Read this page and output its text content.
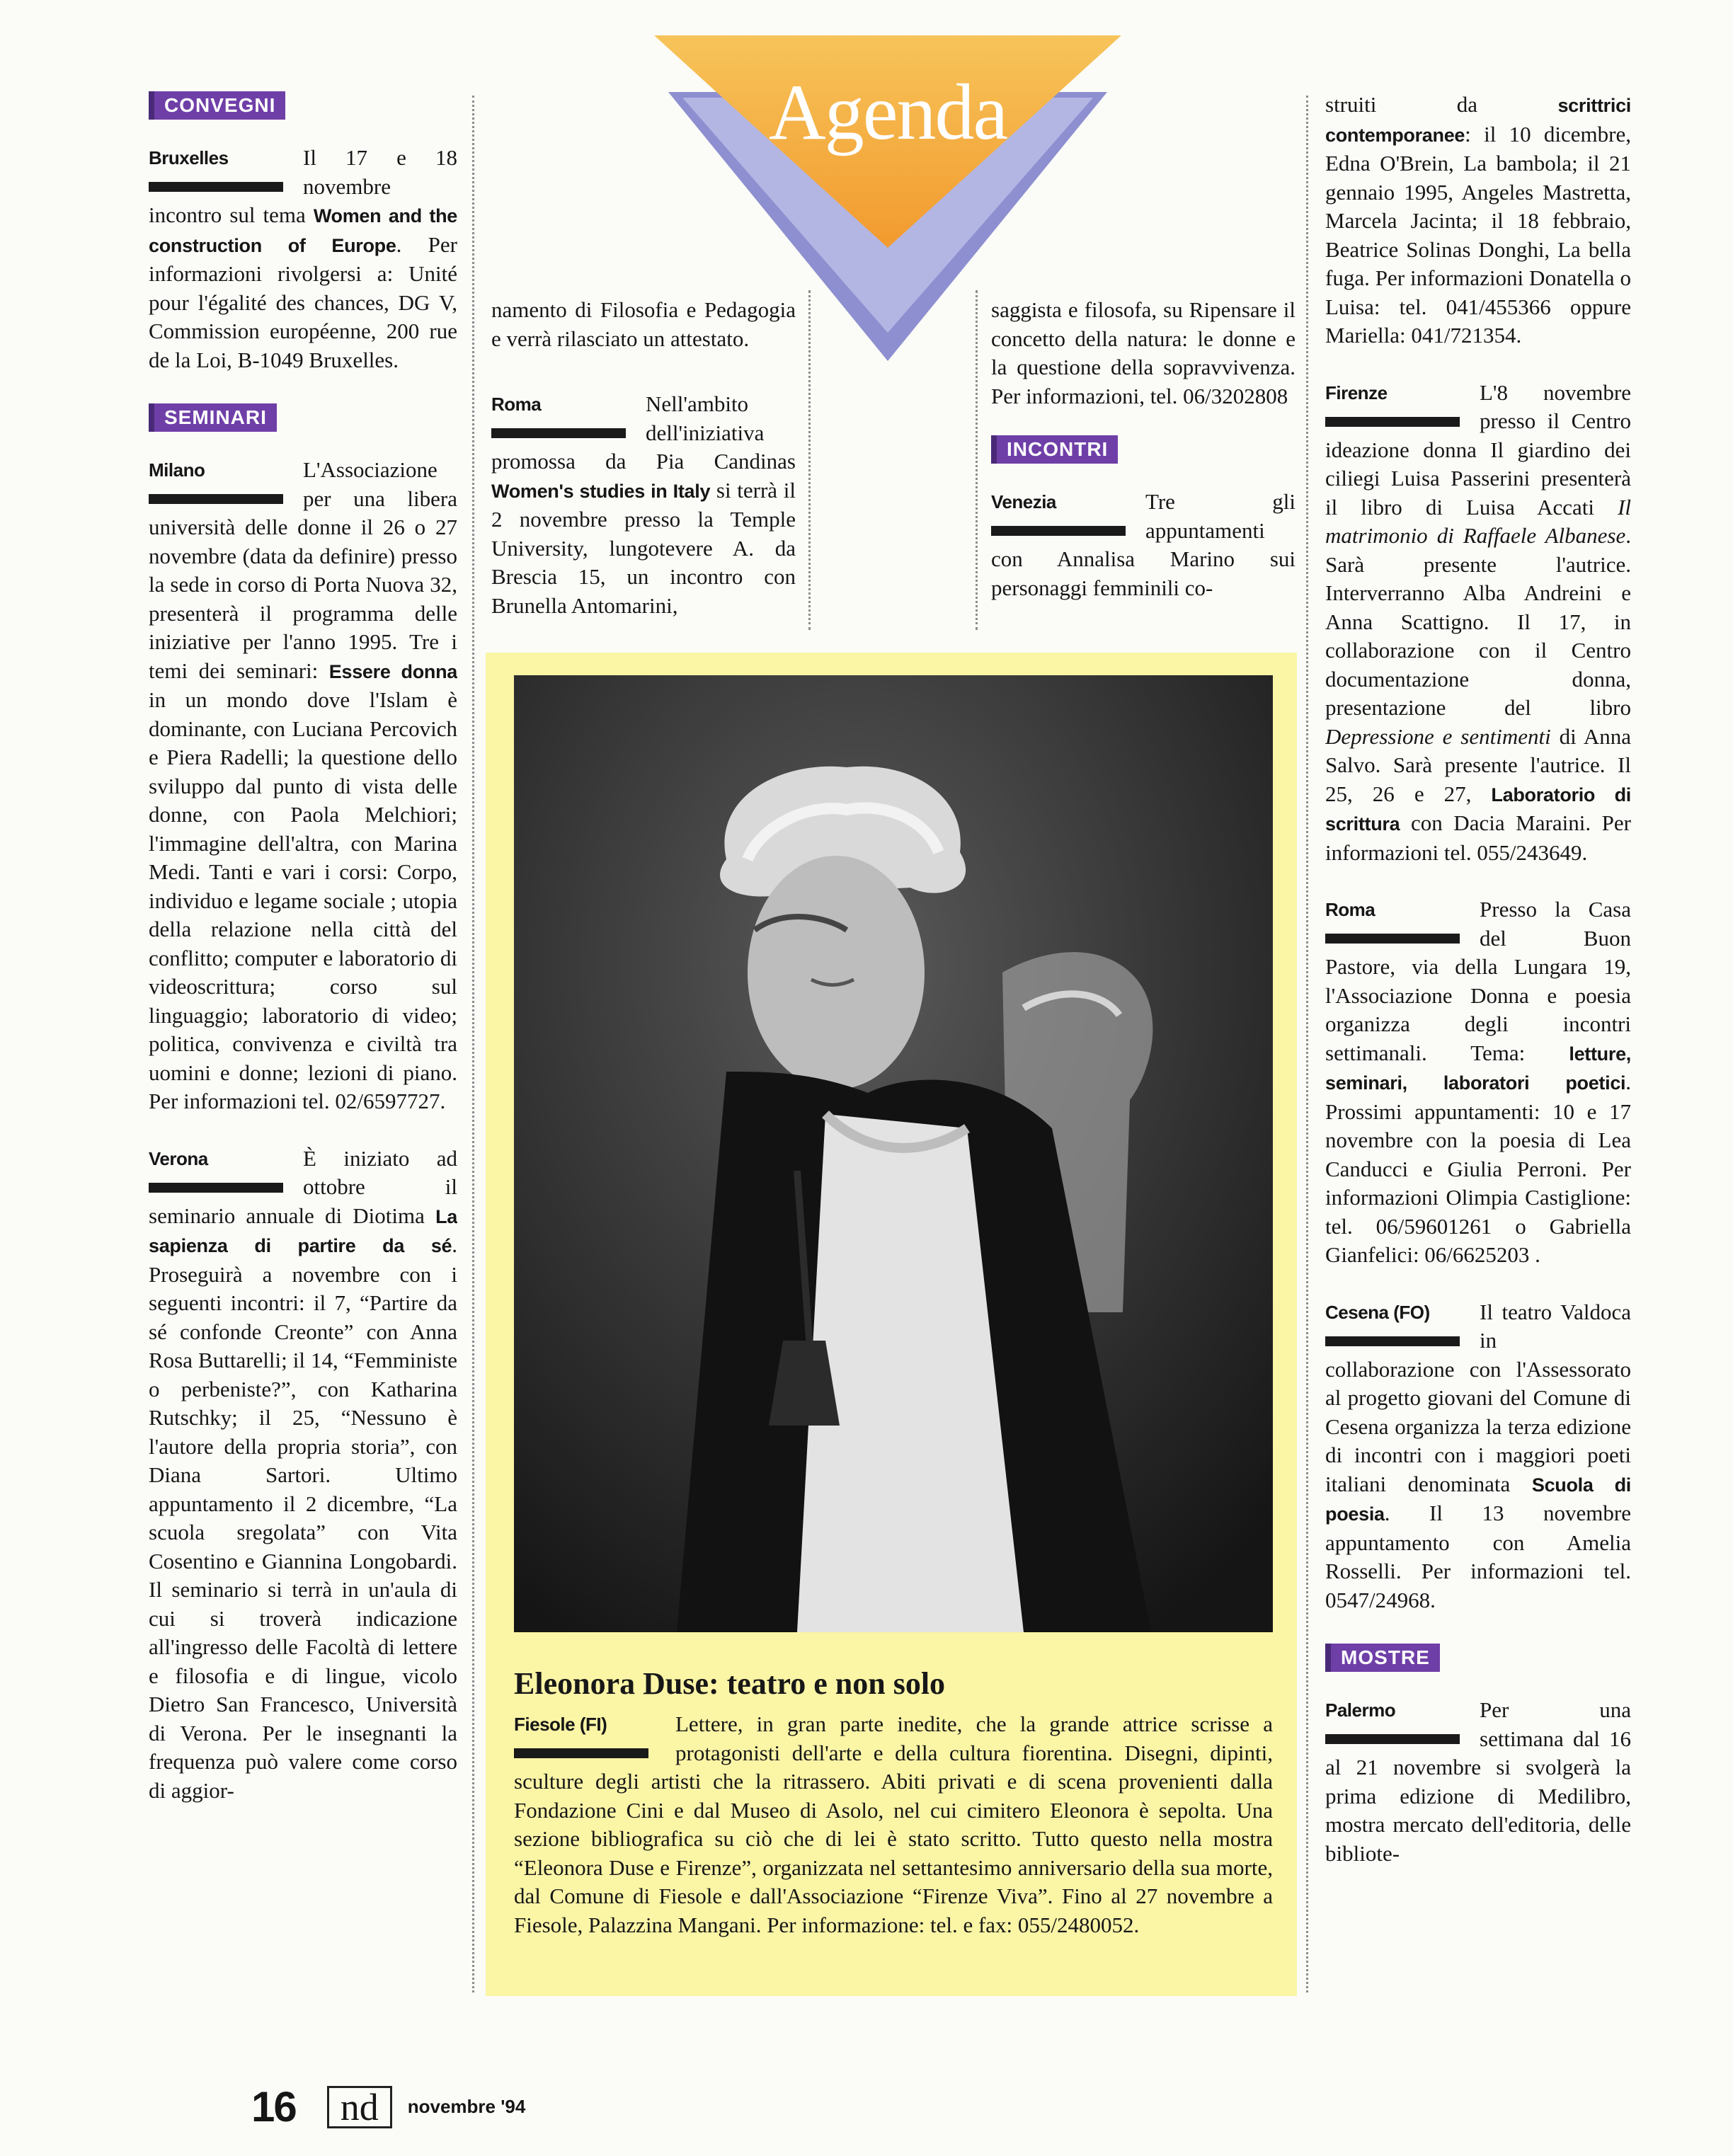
Agenda
CONVEGNI
Bruxelles	Il 17 e 18 novembre incontro sul tema Women and the construction of Europe. Per informazioni rivolgersi a: Unité pour l'égalité des chances, DG V, Commission européenne, 200 rue de la Loi, B-1049 Bruxelles.
SEMINARI
Milano	L'Associazione per una libera università delle donne il 26 o 27 novembre (data da definire) presso la sede in corso di Porta Nuova 32, presenterà il programma delle iniziative per l'anno 1995. Tre i temi dei seminari: Essere donna in un mondo dove l'Islam è dominante, con Luciana Percovich e Piera Radelli; la questione dello sviluppo dal punto di vista delle donne, con Paola Melchiori; l'immagine dell'altra, con Marina Medi. Tanti e vari i corsi: Corpo, individuo e legame sociale ; utopia della relazione nella città del conflitto; computer e laboratorio di videoscrittura; corso sul linguaggio; laboratorio di video; politica, convivenza e civiltà tra uomini e donne; lezioni di piano. Per informazioni tel. 02/6597727.
Verona	È iniziato ad ottobre il seminario annuale di Diotima La sapienza di partire da sé. Proseguirà a novembre con i seguenti incontri: il 7, “Partire da sé confonde Creonte” con Anna Rosa Buttarelli; il 14, “Femministe o perbeniste?”, con Katharina Rutschky; il 25, “Nessuno è l'autore della propria storia”, con Diana Sartori. Ultimo appuntamento il 2 dicembre, “La scuola sregolata” con Vita Cosentino e Giannina Longobardi. Il seminario si terrà in un'aula di cui si troverà indicazione all'ingresso delle Facoltà di lettere e filosofia e di lingue, vicolo Dietro San Francesco, Università di Verona. Per le insegnanti la frequenza può valere come corso di aggior-

namento di Filosofia e Pedagogia e verrà rilasciato un attestato.

Roma	Nell'ambito dell'iniziativa promossa da Pia Candinas Women's studies in Italy si terrà il 2 novembre presso la Temple University, lungotevere A. da Brescia 15, un incontro con Brunella Antomarini,

saggista e filosofa, su Ripensare il concetto della natura: le donne e la questione della sopravvivenza. Per informazioni, tel. 06/3202808

INCONTRI
Venezia	Tre gli appuntamenti con Annalisa Marino sui personaggi femminili co-
struiti da scrittrici contemporanee: il 10 dicembre, Edna O'Brein, La bambola; il 21 gennaio 1995, Angeles Mastretta, Marcela Jacinta; il 18 febbraio, Beatrice Solinas Donghi, La bella fuga. Per informazioni Donatella o Luisa: tel. 041/455366 oppure Mariella: 041/721354.
Firenze	L'8 novembre presso il Centro ideazione donna Il giardino dei ciliegi Luisa Passerini presenterà il libro di Luisa Accati Il matrimonio di Raffaele Albanese. Sarà presente l'autrice. Interverranno Alba Andreini e Anna Scattigno. Il 17, in collaborazione con il Centro documentazione donna, presentazione del libro Depressione e sentimenti di Anna Salvo. Sarà presente l'autrice. Il 25, 26 e 27, Laboratorio di scrittura con Dacia Maraini. Per informazioni tel. 055/243649.
Roma	Presso la Casa del Buon Pastore, via della Lungara 19, l'Associazione Donna e poesia organizza degli incontri settimanali. Tema: letture, seminari, laboratori poetici. Prossimi appuntamenti: 10 e 17 novembre con la poesia di Lea Canducci e Giulia Perroni. Per informazioni Olimpia Castiglione: tel. 06/59601261 o Gabriella Gianfelici: 06/6625203 .
Cesena (FO)	Il teatro Valdoca in collaborazione con l'Assessorato al progetto giovani del Comune di Cesena organizza la terza edizione di incontri con i maggiori poeti italiani denominata Scuola di poesia. Il 13 novembre appuntamento con Amelia Rosselli. Per informazioni tel. 0547/24968.
MOSTRE
Palermo	Per una settimana dal 16 al 21 novembre si svolgerà la prima edizione di Medilibro, mostra mercato dell'editoria, delle bibliote-
Eleonora Duse: teatro e non solo
Fiesole (FI)	Lettere, in gran parte inedite, che la grande attrice scrisse a protagonisti dell'arte e della cultura fiorentina. Disegni, dipinti, sculture degli artisti che la ritrassero. Abiti privati e di scena provenienti dalla Fondazione Cini e dal Museo di Asolo, nel cui cimitero Eleonora è sepolta. Una sezione bibliografica su ciò che di lei è stato scritto. Tutto questo nella mostra “Eleonora Duse e Firenze”, organizzata nel settantesimo anniversario della sua morte, dal Comune di Fiesole e dall'Associazione “Firenze Viva”. Fino al 27 novembre a Fiesole, Palazzina Mangani. Per informazione: tel. e fax: 055/2480052.
16	nd	novembre '94
